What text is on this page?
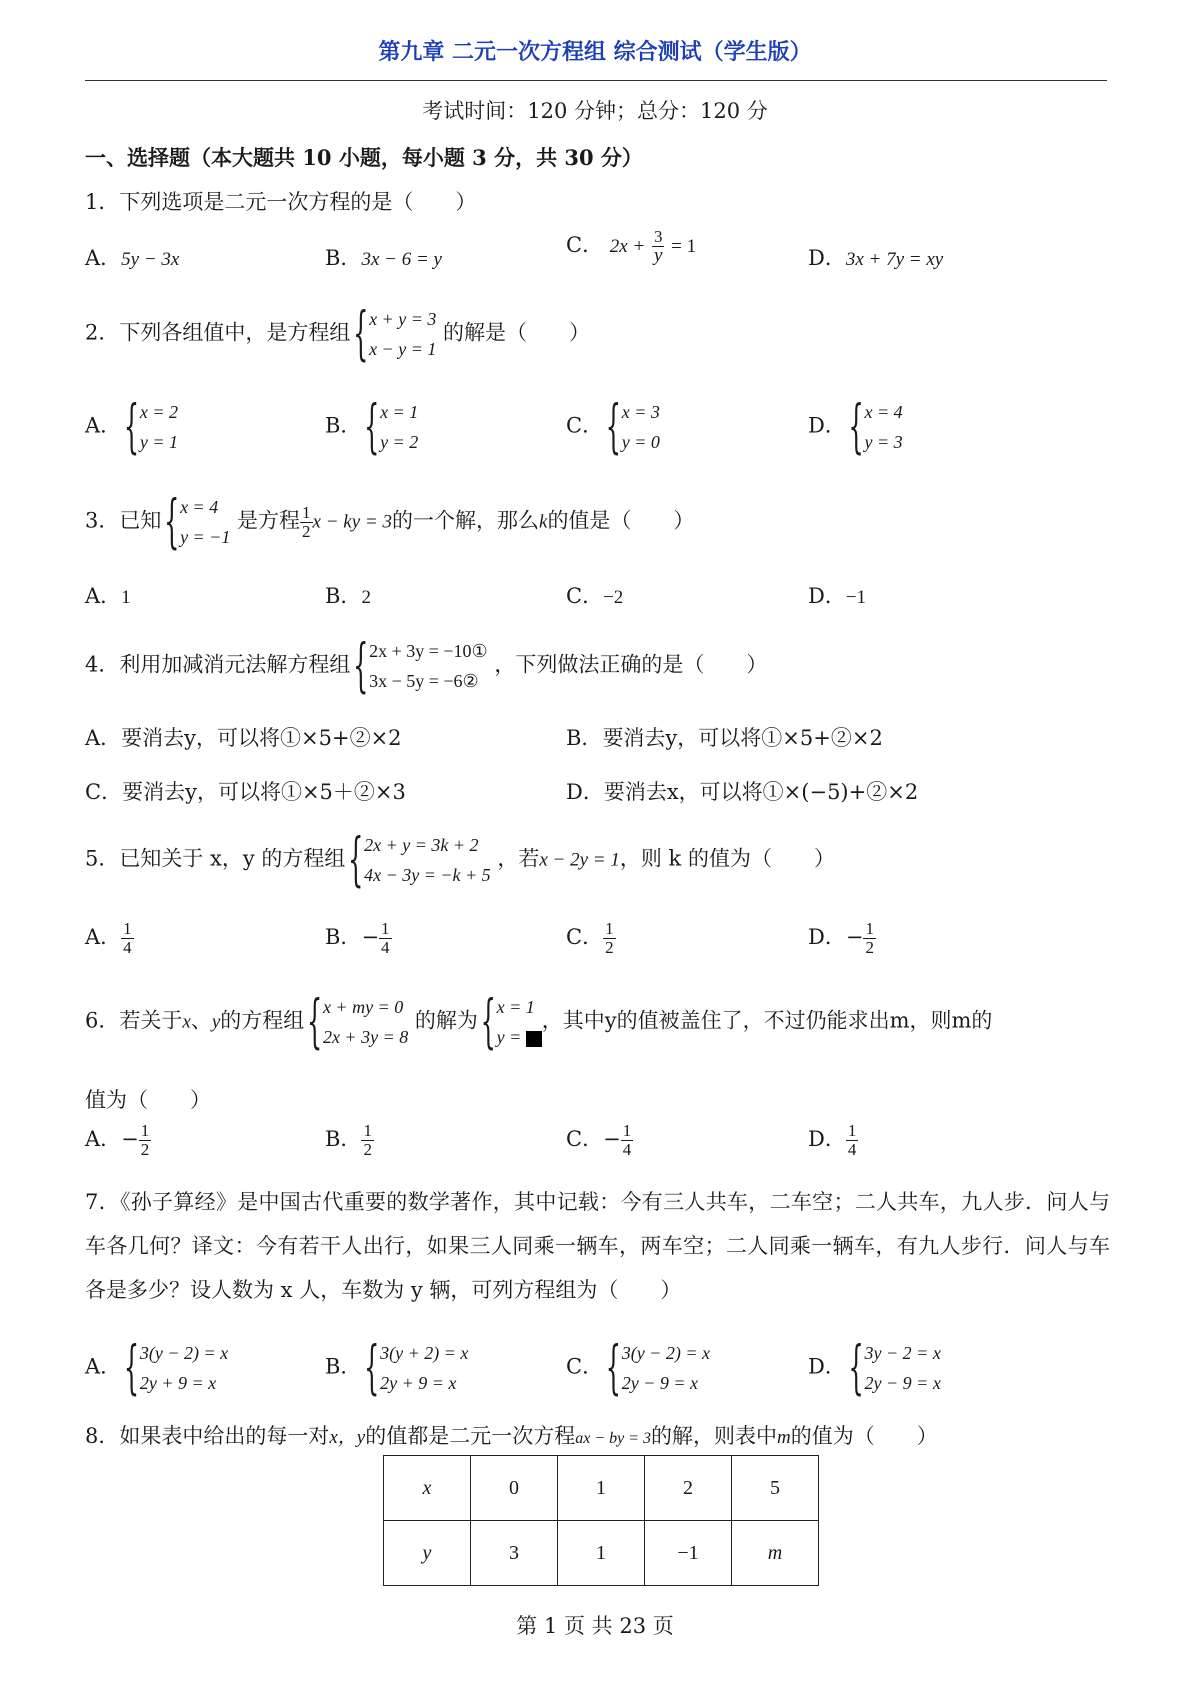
第九章 二元一次方程组 综合测试（学生版）
考试时间：120 分钟；总分：120 分
一、选择题（本大题共 10 小题，每小题 3 分，共 30 分）
1．下列选项是二元一次方程的是（　　）
A．5y − 3x	B．3x − 6 = y
C． $2x + \frac{3}{y} = 1$	D．3x + 7y = xy
2．下列各组值中，是方程组
{ x + y = 3
x − y = 1
的解是（　　）
A．
{ x = 2
y = 1
B．
{ x = 1
y = 2
C．
{ x = 3
y = 0
D．
{ x = 4
y = 3
3．已知
{ x = 4
y = −1
是方程 $\frac{1}{2}$ x − ky = 3的一个解，那么k的值是（　　）
A．1	B．2	C．−2	D．−1
4．利用加减消元法解方程组
{ 2x + 3y = −10①
3x − 5y = −6②
，下列做法正确的是（　　）
A．要消去y，可以将①×5+②×2	B．要消去y，可以将①×5+②×2
C．要消去y，可以将①×5＋②×3	D．要消去x，可以将①×(−5)+②×2
5．已知关于 x，y 的方程组
{ 2x + y = 3k + 2
4x − 3y = −k + 5
，若x − 2y = 1，则 k 的值为（　　）
A． $\frac{1}{4}$	B．− $\frac{1}{4}$	C． $\frac{1}{2}$	D．− $\frac{1}{2}$
6．若关于x、y的方程组
{ x + my = 0
2x + 3y = 8
的解为
{ x = 1
y =
，其中y的值被盖住了，不过仍能求出m，则m的
值为（　　）
A．− $\frac{1}{2}$	B． $\frac{1}{2}$	C．− $\frac{1}{4}$	D． $\frac{1}{4}$
7．《孙子算经》是中国古代重要的数学著作，其中记载：今有三人共车，二车空；二人共车，九人步．问人与车各几何？译文：今有若干人出行，如果三人同乘一辆车，两车空；二人同乘一辆车，有九人步行．问人与车各是多少？设人数为 x 人，车数为 y 辆，可列方程组为（　　）
A．
{ 3(y − 2) = x
2y + 9 = x
B．
{ 3(y + 2) = x
2y + 9 = x
C．
{ 3(y − 2) = x
2y − 9 = x
D．
{ 3y − 2 = x
2y − 9 = x
8．如果表中给出的每一对x，y的值都是二元一次方程ax − by = 3的解，则表中m的值为（　　）
x	0	1	2	5
y	3	1	−1	m
第 1 页 共 23 页
